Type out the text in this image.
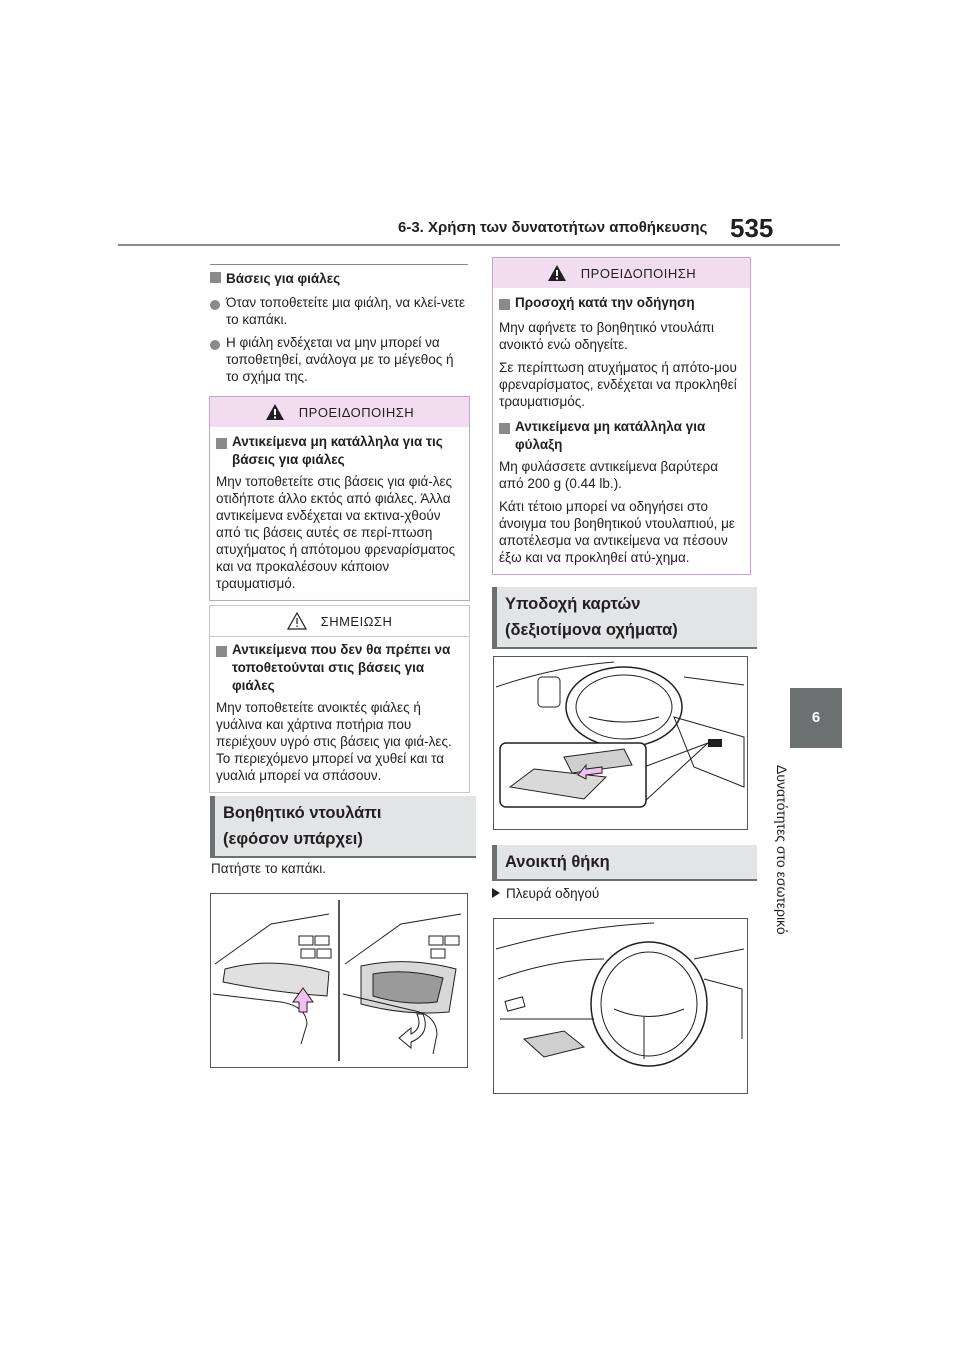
6-3. Χρήση των δυνατοτήτων αποθήκευσης 535
6
Δυνατότητες στο εσωτερικό
Βάσεις για φιάλες
Όταν τοποθετείτε μια φιάλη, να κλεί-νετε το καπάκι.
Η φιάλη ενδέχεται να μην μπορεί να τοποθετηθεί, ανάλογα με το μέγεθος ή το σχήμα της.
ΠΡΟΕΙΔΟΠΟΙΗΣΗ
Αντικείμενα μη κατάλληλα για τις βάσεις για φιάλες
Μην τοποθετείτε στις βάσεις για φιά-λες οτιδήποτε άλλο εκτός από φιάλες. Άλλα αντικείμενα ενδέχεται να εκτινα-χθούν από τις βάσεις αυτές σε περί-πτωση ατυχήματος ή απότομου φρεναρίσματος και να προκαλέσουν κάποιον τραυματισμό.
ΣΗΜΕΙΩΣΗ
Αντικείμενα που δεν θα πρέπει να τοποθετούνται στις βάσεις για φιάλες
Μην τοποθετείτε ανοικτές φιάλες ή γυάλινα και χάρτινα ποτήρια που περιέχουν υγρό στις βάσεις για φιά-λες. Το περιεχόμενο μπορεί να χυθεί και τα γυαλιά μπορεί να σπάσουν.
Βοηθητικό ντουλάπι
(εφόσον υπάρχει)
Πατήστε το καπάκι.
ΠΡΟΕΙΔΟΠΟΙΗΣΗ
Προσοχή κατά την οδήγηση
Μην αφήνετε το βοηθητικό ντουλάπι ανοικτό ενώ οδηγείτε.
Σε περίπτωση ατυχήματος ή απότο-μου φρεναρίσματος, ενδέχεται να προκληθεί τραυματισμός.
Αντικείμενα μη κατάλληλα για φύλαξη
Μη φυλάσσετε αντικείμενα βαρύτερα από 200 g (0.44 lb.).
Κάτι τέτοιο μπορεί να οδηγήσει στο άνοιγμα του βοηθητικού ντουλαπιού, με αποτέλεσμα να αντικείμενα να πέσουν έξω και να προκληθεί ατύ-χημα.
Υποδοχή καρτών
(δεξιοτίμονα οχήματα)
Ανοικτή θήκη
Πλευρά οδηγού
